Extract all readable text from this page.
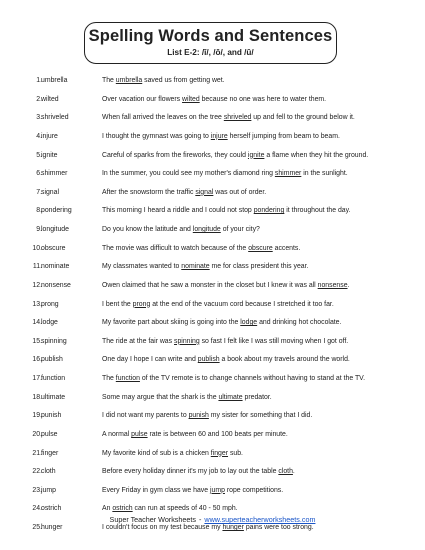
Spelling Words and Sentences
List E-2: /ī/, /ō/, and /ū/
1. umbrella	The umbrella saved us from getting wet.
2. wilted	Over vacation our flowers wilted because no one was here to water them.
3. shriveled	When fall arrived the leaves on the tree shriveled up and fell to the ground below it.
4. injure	I thought the gymnast was going to injure herself jumping from beam to beam.
5. ignite	Careful of sparks from the fireworks, they could ignite a flame when they hit the ground.
6. shimmer	In the summer, you could see my mother's diamond ring shimmer in the sunlight.
7. signal	After the snowstorm the traffic signal was out of order.
8. pondering	This morning I heard a riddle and I could not stop pondering it throughout the day.
9. longitude	Do you know the latitude and longitude of your city?
10. obscure	The movie was difficult to watch because of the obscure accents.
11. nominate	My classmates wanted to nominate me for class president this year.
12. nonsense	Owen claimed that he saw a monster in the closet but I knew it was all nonsense.
13. prong	I bent the prong at the end of the vacuum cord because I stretched it too far.
14. lodge	My favorite part about skiing is going into the lodge and drinking hot chocolate.
15. spinning	The ride at the fair was spinning so fast I felt like I was still moving when I got off.
16. publish	One day I hope I can write and publish a book about my travels around the world.
17. function	The function of the TV remote is to change channels without having to stand at the TV.
18. ultimate	Some may argue that the shark is the ultimate predator.
19. punish	I did not want my parents to punish my sister for something that I did.
20. pulse	A normal pulse rate is between 60 and 100 beats per minute.
21. finger	My favorite kind of sub is a chicken finger sub.
22. cloth	Before every holiday dinner it's my job to lay out the table cloth.
23. jump	Every Friday in gym class we have jump rope competitions.
24. ostrich	An ostrich can run at speeds of 40 - 50 mph.
25. hunger	I couldn't focus on my test because my hunger pains were too strong.
Super Teacher Worksheets - www.superteacherworksheets.com
